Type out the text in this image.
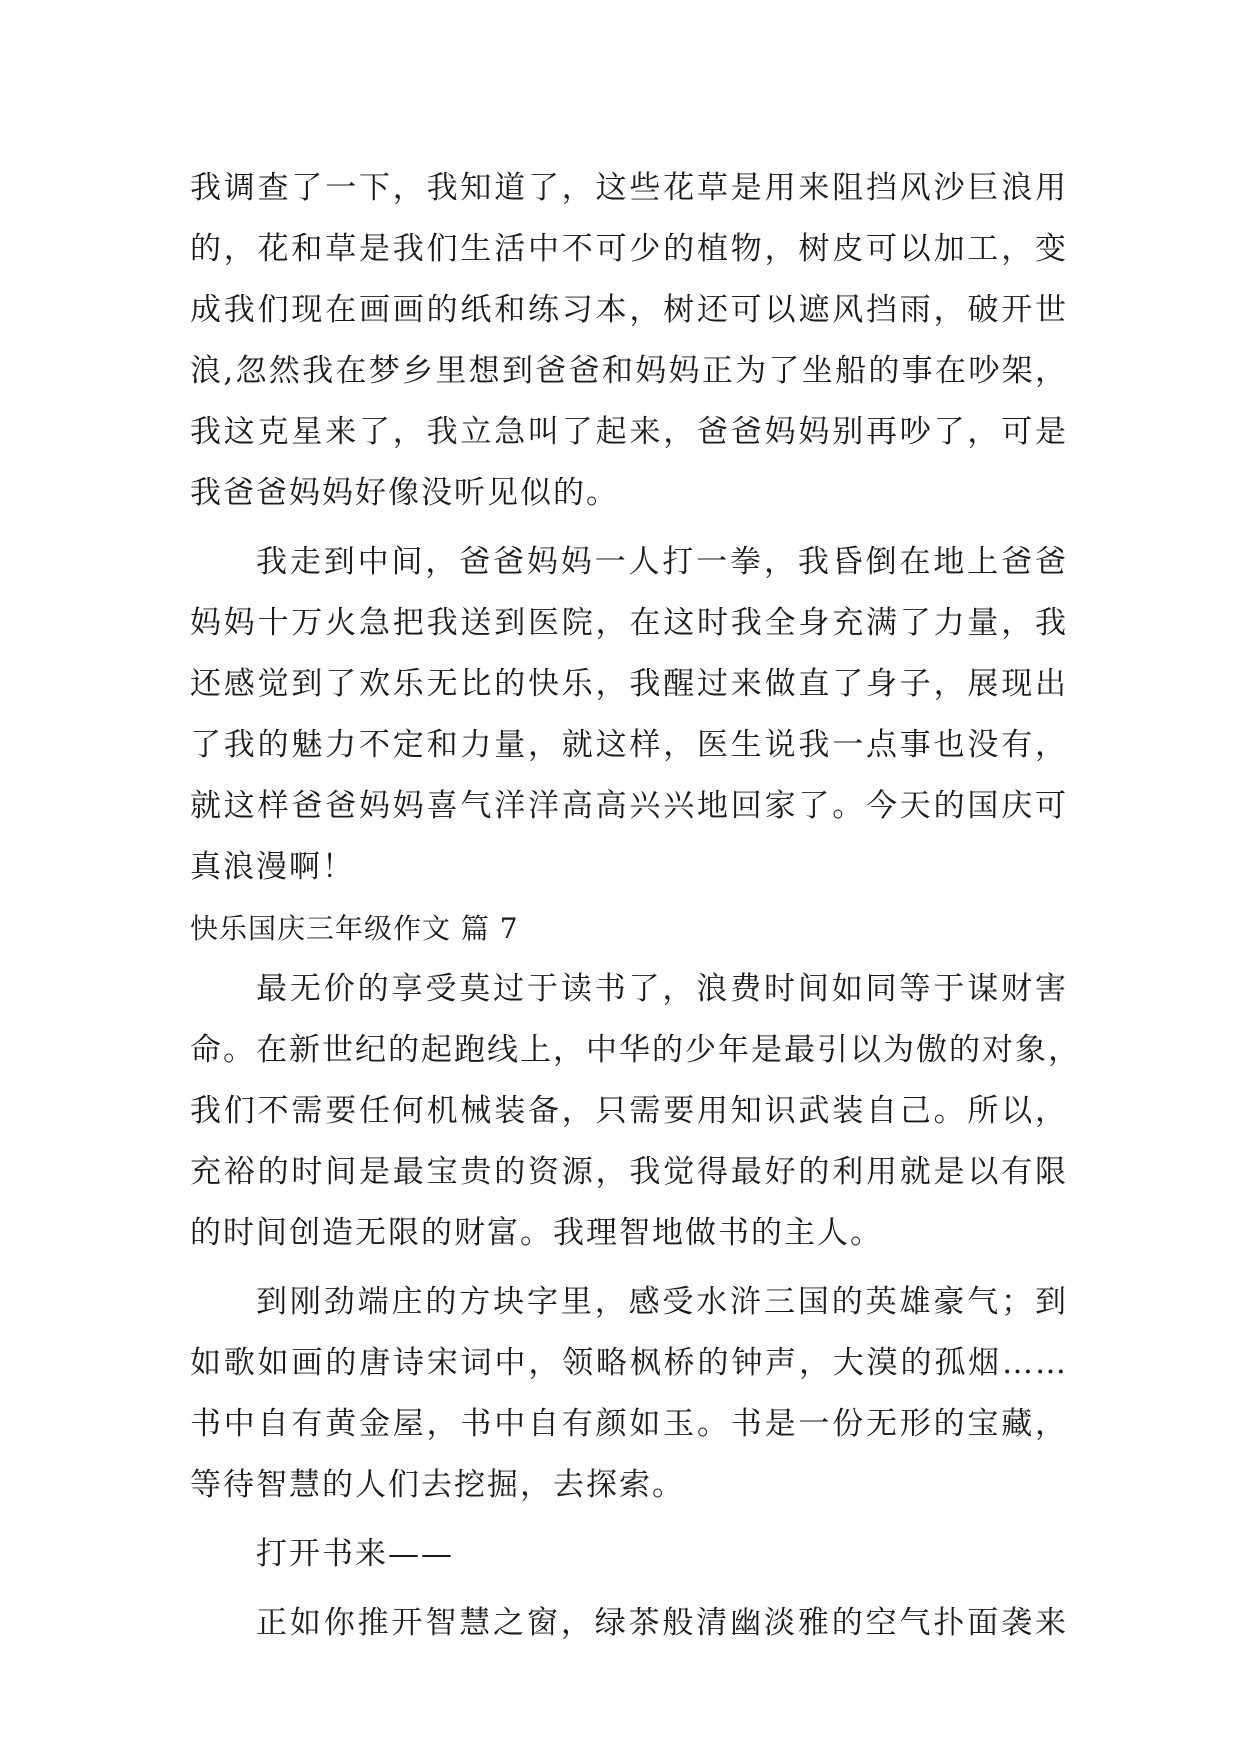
我调查了一下，我知道了，这些花草是用来阻挡风沙巨浪用
的，花和草是我们生活中不可少的植物，树皮可以加工，变
成我们现在画画的纸和练习本，树还可以遮风挡雨，破开世
浪,忽然我在梦乡里想到爸爸和妈妈正为了坐船的事在吵架，
我这克星来了，我立急叫了起来，爸爸妈妈别再吵了，可是
我爸爸妈妈好像没听见似的。
我走到中间，爸爸妈妈一人打一拳，我昏倒在地上爸爸
妈妈十万火急把我送到医院，在这时我全身充满了力量，我
还感觉到了欢乐无比的快乐，我醒过来做直了身子，展现出
了我的魅力不定和力量，就这样，医生说我一点事也没有，
就这样爸爸妈妈喜气洋洋高高兴兴地回家了。今天的国庆可
真浪漫啊！
快乐国庆三年级作文 篇 7
最无价的享受莫过于读书了，浪费时间如同等于谋财害
命。在新世纪的起跑线上，中华的少年是最引以为傲的对象，
我们不需要任何机械装备，只需要用知识武装自己。所以，
充裕的时间是最宝贵的资源，我觉得最好的利用就是以有限
的时间创造无限的财富。我理智地做书的主人。
到刚劲端庄的方块字里，感受水浒三国的英雄豪气；到
如歌如画的唐诗宋词中，领略枫桥的钟声，大漠的孤烟……
书中自有黄金屋，书中自有颜如玉。书是一份无形的宝藏，
等待智慧的人们去挖掘，去探索。
打开书来——
正如你推开智慧之窗，绿茶般清幽淡雅的空气扑面袭来
